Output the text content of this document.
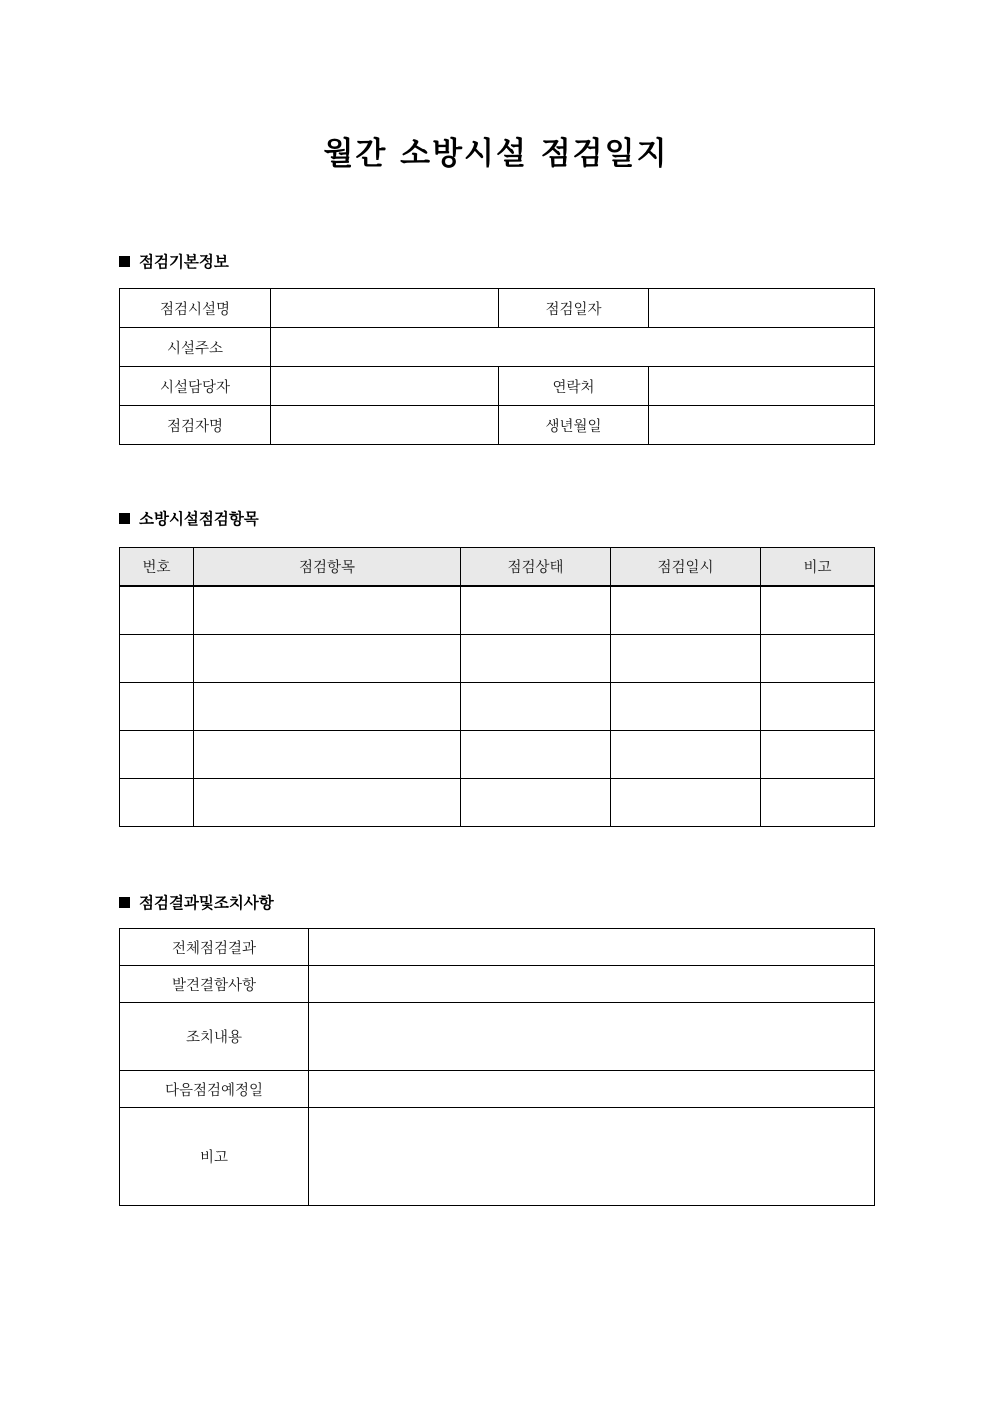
월간 소방시설 점검일지
점검기본정보
점검시설명		점검일자	
시설주소			
시설담당자		연락처	
점검자명		생년월일	
소방시설점검항목
번호	점검항목	점검상태	점검일시	비고

점검결과및조치사항
전체점검결과	
발견결함사항	
조치내용	
다음점검예정일	
비고	
